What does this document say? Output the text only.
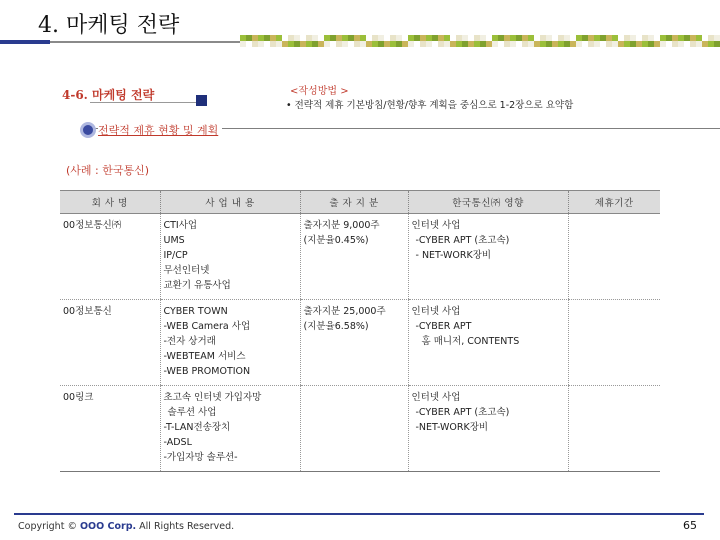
4. 마케팅 전략
4-6. 마케팅 전략	<작성방법 >
• 전략적 제휴 기본방침/현황/향후 계획을 중심으로 1-2장으로 요약함
전략적 제휴 현황 및 계획
(사례 : 한국통신)
회 사 명	사 업 내 용	출 자 지 분	한국통신㈜ 영향	제휴기간
00정보통신㈜	CTI사업
UMS
IP/CP
무선인터넷
교환기 유통사업	출자지분 9,000주
(지분율0.45%)	인터넷 사업
-CYBER APT (초고속)
- NET-WORK장비	

00정보통신	CYBER TOWN
-WEB Camera 사업
-전자 상거래
-WEBTEAM 서비스
-WEB PROMOTION	출자지분 25,000주
(지분율6.58%)	인터넷 사업
-CYBER APT
홈 매니저, CONTENTS	

00링크	초고속 인터넷 가입자망
솔루션 사업
-T-LAN전송장치
-ADSL
-가입자망 솔루션-		인터넷 사업
-CYBER APT (초고속)
-NET-WORK장비	

Copyright © OOO Corp. All Rights Reserved.	65
